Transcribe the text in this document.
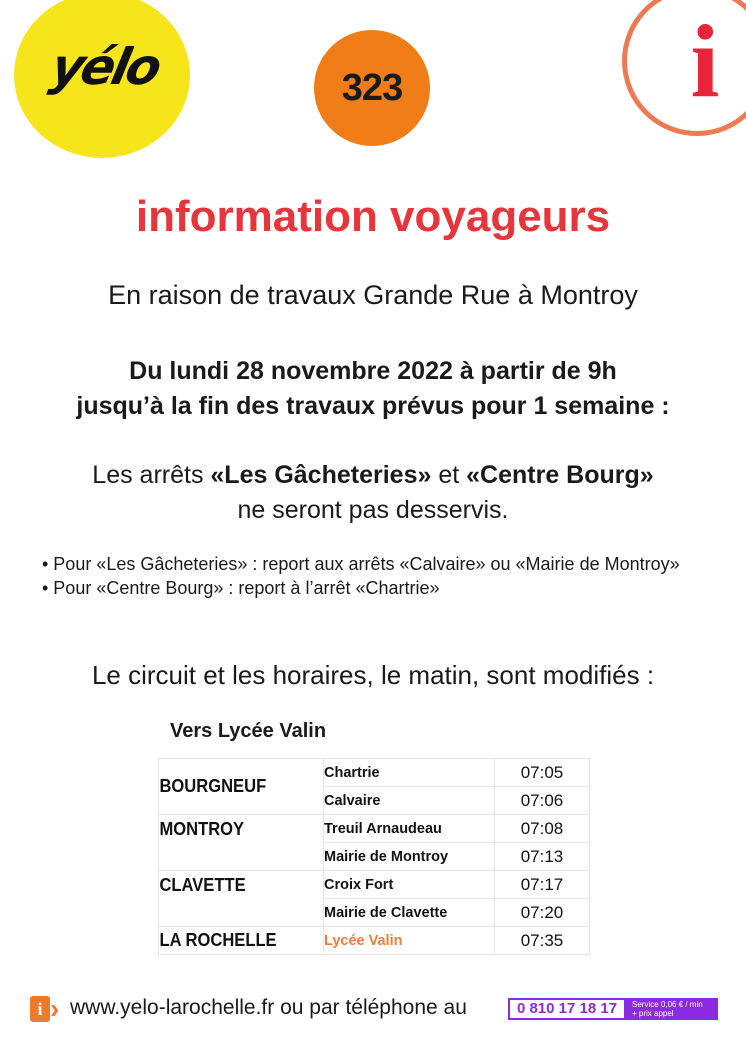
yélo	323	i
information voyageurs
En raison de travaux Grande Rue à Montroy
Du lundi 28 novembre 2022 à partir de 9h
jusqu’à la fin des travaux prévus pour 1 semaine :
Les arrêts «Les Gâcheteries» et «Centre Bourg»
ne seront pas desservis.
• Pour «Les Gâcheteries» : report aux arrêts «Calvaire» ou «Mairie de Montroy»
• Pour «Centre Bourg» : report à l’arrêt «Chartrie»
Le circuit et les horaires, le matin, sont modifiés :
Vers Lycée Valin
BOURGNEUF	Chartrie	07:05
	Calvaire	07:06
MONTROY	Treuil Arnaudeau	07:08
	Mairie de Montroy	07:13
CLAVETTE	Croix Fort	07:17
	Mairie de Clavette	07:20
LA ROCHELLE	Lycée Valin	07:35
i › www.yelo-larochelle.fr ou par téléphone au	0 810 17 18 17	Service 0,06 € / min
+ prix appel
